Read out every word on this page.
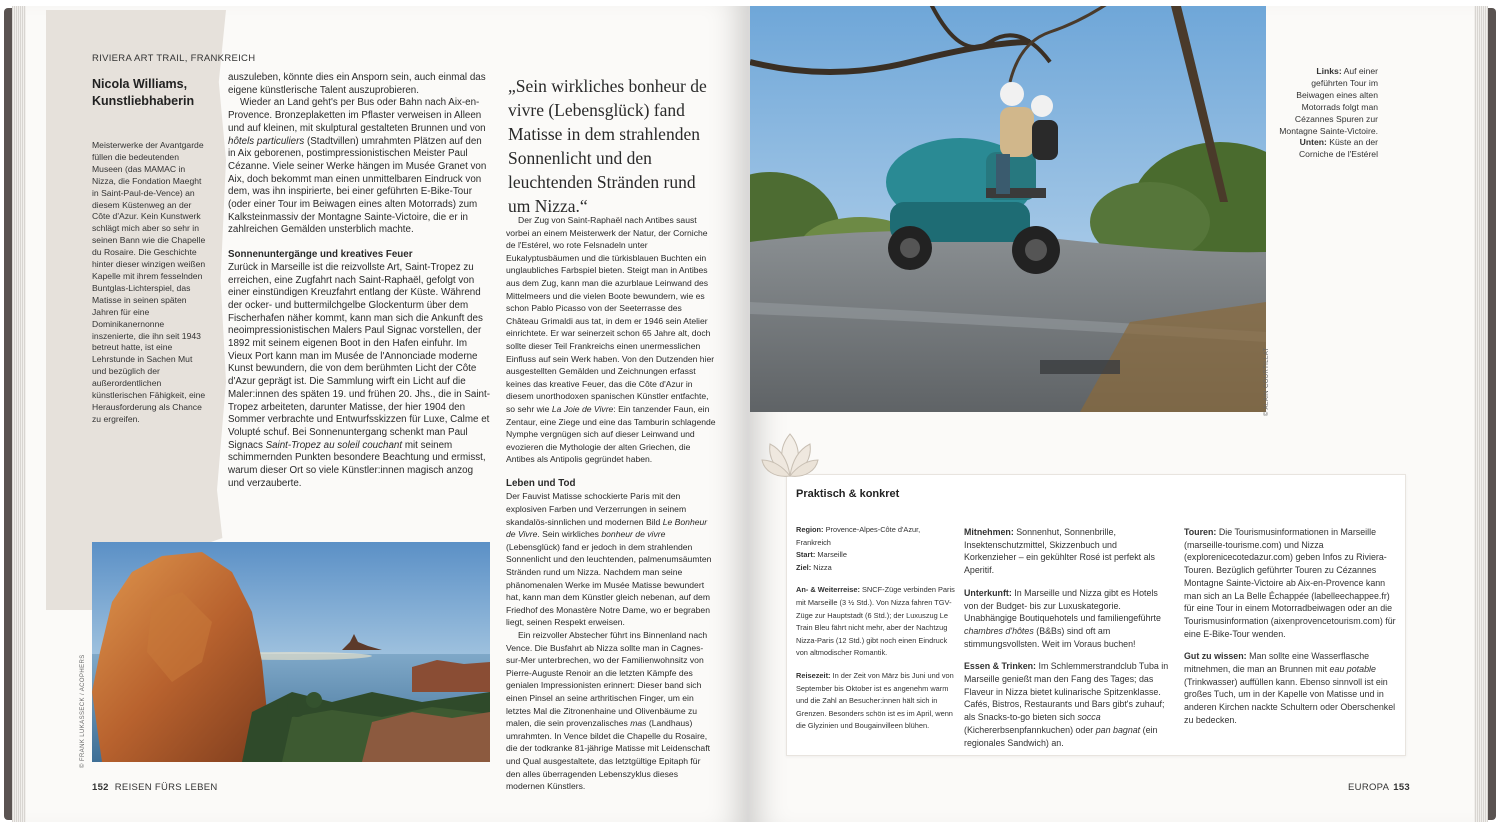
RIVIERA ART TRAIL, FRANKREICH
Nicola Williams, Kunstliebhaberin
Meisterwerke der Avantgarde füllen die bedeutenden Museen (das MAMAC in Nizza, die Fondation Maeght in Saint-Paul-de-Vence) an diesem Küstenweg an der Côte d'Azur. Kein Kunstwerk schlägt mich aber so sehr in seinen Bann wie die Chapelle du Rosaire. Die Geschichte hinter dieser winzigen weißen Kapelle mit ihrem fesselnden Buntglas-Lichterspiel, das Matisse in seinen späten Jahren für eine Dominikanernonne inszenierte, die ihn seit 1943 betreut hatte, ist eine Lehrstunde in Sachen Mut und bezüglich der außerordentlichen künstlerischen Fähigkeit, eine Herausforderung als Chance zu ergreifen.

auszuleben, könnte dies ein Ansporn sein, auch einmal das eigene künstlerische Talent auszuprobieren.

Wieder an Land geht's per Bus oder Bahn nach Aix-en-Provence. Bronzeplaketten im Pflaster verweisen in Alleen und auf kleinen, mit skulptural gestalteten Brunnen und von hôtels particuliers (Stadtvillen) umrahmten Plätzen auf den in Aix geborenen, postimpressionistischen Meister Paul Cézanne. Viele seiner Werke hängen im Musée Granet von Aix, doch bekommt man einen unmittelbaren Eindruck von dem, was ihn inspirierte, bei einer geführten E-Bike-Tour (oder einer Tour im Beiwagen eines alten Motorrads) zum Kalksteinmassiv der Montagne Sainte-Victoire, die er in zahlreichen Gemälden unsterblich machte.

Sonnenuntergänge und kreatives Feuer

Zurück in Marseille ist die reizvollste Art, Saint-Tropez zu erreichen, eine Zugfahrt nach Saint-Raphaël, gefolgt von einer einstündigen Kreuzfahrt entlang der Küste. Während der ocker- und buttermilchgelbe Glockenturm über dem Fischerhafen näher kommt, kann man sich die Ankunft des neoimpressionistischen Malers Paul Signac vorstellen, der 1892 mit seinem eigenen Boot in den Hafen einfuhr. Im Vieux Port kann man im Musée de l'Annonciade moderne Kunst bewundern, die von dem berühmten Licht der Côte d'Azur geprägt ist. Die Sammlung wirft ein Licht auf die Maler:innen des späten 19. und frühen 20. Jhs., die in Saint-Tropez arbeiteten, darunter Matisse, der hier 1904 den Sommer verbrachte und Entwurfsskizzen für Luxe, Calme et Volupté schuf. Bei Sonnenuntergang schenkt man Paul Signacs Saint-Tropez au soleil couchant mit seinem schimmernden Punkten besondere Beachtung und ermisst, warum dieser Ort so viele Künstler:innen magisch anzog und verzauberte.

„Sein wirkliches bonheur de vivre (Lebensglück) fand Matisse in dem strahlenden Sonnenlicht und den leuchtenden Stränden rund um Nizza.“

Der Zug von Saint-Raphaël nach Antibes saust vorbei an einem Meisterwerk der Natur, der Corniche de l'Estérel, wo rote Felsnadeln unter Eukalyptusbäumen und die türkisblauen Buchten ein unglaubliches Farbspiel bieten. Steigt man in Antibes aus dem Zug, kann man die azurblaue Leinwand des Mittelmeers und die vielen Boote bewundern, wie es schon Pablo Picasso von der Seeterrasse des Château Grimaldi aus tat, in dem er 1946 sein Atelier einrichtete. Er war seinerzeit schon 65 Jahre alt, doch sollte dieser Teil Frankreichs einen unermesslichen Einfluss auf sein Werk haben. Von den Dutzenden hier ausgestellten Gemälden und Zeichnungen erfasst keines das kreative Feuer, das die Côte d'Azur in diesem unorthodoxen spanischen Künstler entfachte, so sehr wie La Joie de Vivre: Ein tanzender Faun, ein Zentaur, eine Ziege und eine das Tamburin schlagende Nymphe vergnügen sich auf dieser Leinwand und evozieren die Mythologie der alten Griechen, die Antibes als Antipolis gegründet haben.

Leben und Tod

Der Fauvist Matisse schockierte Paris mit den explosiven Farben und Verzerrungen in seinem skandalös-sinnlichen und modernen Bild Le Bonheur de Vivre. Sein wirkliches bonheur de vivre (Lebensglück) fand er jedoch in dem strahlenden Sonnenlicht und den leuchtenden, palmenumsäumten Stränden rund um Nizza. Nachdem man seine phänomenalen Werke im Musée Matisse bewundert hat, kann man dem Künstler gleich nebenan, auf dem Friedhof des Monastère Notre Dame, wo er begraben liegt, seinen Respekt erweisen.

Ein reizvoller Abstecher führt ins Binnenland nach Vence. Die Busfahrt ab Nizza sollte man in Cagnes-sur-Mer unterbrechen, wo der Familienwohnsitz von Pierre-Auguste Renoir an die letzten Kämpfe des genialen Impressionisten erinnert: Dieser band sich einen Pinsel an seine arthritischen Finger, um ein letztes Mal die Zitronenhaine und Olivenbäume zu malen, die sein provenzalisches mas (Landhaus) umrahmten. In Vence bildet die Chapelle du Rosaire, die der todkranke 81-jährige Matisse mit Leidenschaft und Qual ausgestaltete, das letztgültige Epitaph für den alles überragenden Lebenszyklus dieses modernen Künstlers.

© FRANK LUKASSECK / ACOPHERS
152 REISEN FÜRS LEBEN
© ALAIN COURTILLAT
Links: Auf einer geführten Tour im Beiwagen eines alten Motorrads folgt man Cézannes Spuren zur Montagne Sainte-Victoire. Unten: Küste an der Corniche de l'Estérel
Praktisch & konkret

Region: Provence-Alpes-Côte d'Azur, Frankreich
Start: Marseille
Ziel: Nizza

An- & Weiterreise: SNCF-Züge verbinden Paris mit Marseille (3 ½ Std.). Von Nizza fahren TGV-Züge zur Hauptstadt (6 Std.); der Luxuszug Le Train Bleu fährt nicht mehr, aber der Nachtzug Nizza-Paris (12 Std.) gibt noch einen Eindruck von altmodischer Romantik.

Reisezeit: In der Zeit von März bis Juni und von September bis Oktober ist es angenehm warm und die Zahl an Besucher:innen hält sich in Grenzen. Besonders schön ist es im April, wenn die Glyzinien und Bougainvilleen blühen.

Mitnehmen: Sonnenhut, Sonnenbrille, Insektenschutzmittel, Skizzenbuch und Korkenzieher – ein gekühlter Rosé ist perfekt als Aperitif.

Unterkunft: In Marseille und Nizza gibt es Hotels von der Budget- bis zur Luxuskategorie. Unabhängige Boutiquehotels und familiengeführte chambres d'hôtes (B&Bs) sind oft am stimmungsvollsten. Weit im Voraus buchen!

Essen & Trinken: Im Schlemmerstrandclub Tuba in Marseille genießt man den Fang des Tages; das Flaveur in Nizza bietet kulinarische Spitzenklasse. Cafés, Bistros, Restaurants und Bars gibt's zuhauf; als Snacks-to-go bieten sich socca (Kichererbsenpfannkuchen) oder pan bagnat (ein regionales Sandwich) an.

Touren: Die Tourismusinformationen in Marseille (marseille-tourisme.com) und Nizza (explorenicecotedazur.com) geben Infos zu Riviera-Touren. Bezüglich geführter Touren zu Cézannes Montagne Sainte-Victoire ab Aix-en-Provence kann man sich an La Belle Échappée (labelleechappee.fr) für eine Tour in einem Motorradbeiwagen oder an die Tourismusinformation (aixenprovencetourism.com) für eine E-Bike-Tour wenden.

Gut zu wissen: Man sollte eine Wasserflasche mitnehmen, die man an Brunnen mit eau potable (Trinkwasser) auffüllen kann. Ebenso sinnvoll ist ein großes Tuch, um in der Kapelle von Matisse und in anderen Kirchen nackte Schultern oder Oberschenkel zu bedecken.

EUROPA 153
